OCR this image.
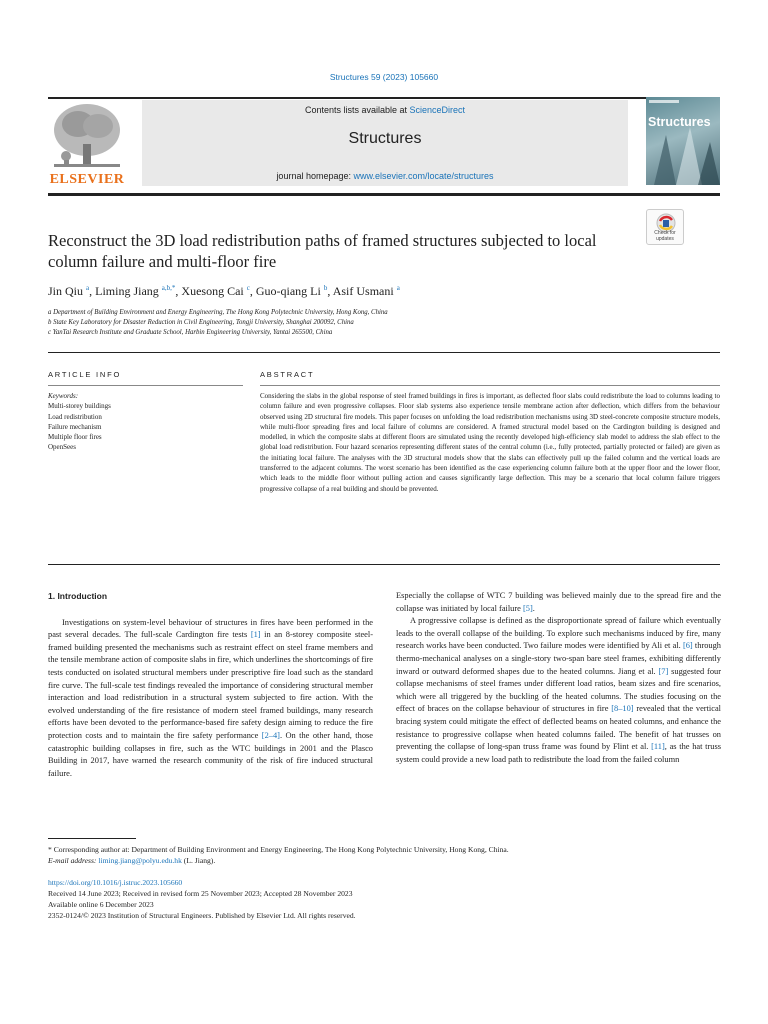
Structures 59 (2023) 105660
ELSEVIER
Contents lists available at ScienceDirect
Structures
journal homepage: www.elsevier.com/locate/structures
Structures
Reconstruct the 3D load redistribution paths of framed structures subjected to local column failure and multi-floor fire
Check for updates
Jin Qiu $^a$, Liming Jiang $^{a,b,*}$, Xuesong Cai $^c$, Guo-qiang Li $^b$, Asif Usmani $^a$
a Department of Building Environment and Energy Engineering, The Hong Kong Polytechnic University, Hong Kong, China
b State Key Laboratory for Disaster Reduction in Civil Engineering, Tongji University, Shanghai 200092, China
c YanTai Research Institute and Graduate School, Harbin Engineering University, Yantai 265500, China
ARTICLE INFO	ABSTRACT
Keywords:
Multi-storey buildings
Load redistribution
Failure mechanism
Multiple floor fires
OpenSees
Considering the slabs in the global response of steel framed buildings in fires is important, as deflected floor slabs could redistribute the load to columns leading to column failure and even progressive collapses. Floor slab systems also experience tensile membrane action after deflection, which differs from the behaviour observed using 2D structural fire models. This paper focuses on unfolding the load redistribution mechanisms using 3D steel-concrete composite structure models, while multi-floor spreading fires and local failure of columns are considered. A framed structural model based on the Cardington building is designed and modelled, in which the composite slabs at different floors are simulated using the recently developed high-efficiency slab model to address the slab effect to the global load redistribution. Four hazard scenarios representing different states of the central column (i.e., fully protected, partially protected or failed) are given as the initiating local failure. The analyses with the 3D structural models show that the slabs can effectively pull up the failed column and the vertical loads are transferred to the adjacent columns. The worst scenario has been identified as the case experiencing column failure both at the upper floor and the lower floor, which leads to the middle floor without pulling action and causes significantly large deflection. This may be a scenario that local column failure triggers progressive collapse of a real building and should be prevented.
1. Introduction

Investigations on system-level behaviour of structures in fires have been performed in the past several decades. The full-scale Cardington fire tests [1] in an 8-storey composite steel-framed building presented the mechanisms such as restraint effect on steel frame members and the tensile membrane action of composite slabs in fire, which underlines the shortcomings of fire tests conducted on isolated structural members under prescriptive fire load such as the standard fire curve. The full-scale test findings revealed the importance of considering structural member interaction and load redistribution in a structural system subjected to fire action. With the evolved understanding of the fire resistance of modern steel framed buildings, many research efforts have been devoted to the performance-based fire safety design aiming to reduce the fire protection costs and to maintain the fire safety performance [2–4]. On the other hand, those catastrophic building collapses in fire, such as the WTC buildings in 2001 and the Plasco Building in 2017, have warned the research community of the risk of fire induced structural failure.

Especially the collapse of WTC 7 building was believed mainly due to the spread fire and the collapse was initiated by local failure [5].

A progressive collapse is defined as the disproportionate spread of failure which eventually leads to the overall collapse of the building. To explore such mechanisms induced by fire, many research works have been conducted. Two failure modes were identified by Ali et al. [6] through thermo-mechanical analyses on a single-story two-span bare steel frames, exhibiting differently inward or outward deformed shapes due to the heated columns. Jiang et al. [7] suggested four collapse mechanisms of steel frames under different load ratios, beam sizes and fire scenarios, which were all triggered by the buckling of the heated columns. The studies focusing on the effect of braces on the collapse behaviour of structures in fire [8–10] revealed that the vertical bracing system could mitigate the effect of deflected beams on heated columns, and enhance the resistance to progressive collapse when heated columns failed. The benefit of hat trusses on preventing the collapse of long-span truss frame was found by Flint et al. [11], as the hat truss system could provide a new load path to redistribute the load from the failed column

* Corresponding author at: Department of Building Environment and Energy Engineering, The Hong Kong Polytechnic University, Hong Kong, China.
E-mail address: liming.jiang@polyu.edu.hk (L. Jiang).
https://doi.org/10.1016/j.istruc.2023.105660
Received 14 June 2023; Received in revised form 25 November 2023; Accepted 28 November 2023
Available online 6 December 2023
2352-0124/© 2023 Institution of Structural Engineers. Published by Elsevier Ltd. All rights reserved.
